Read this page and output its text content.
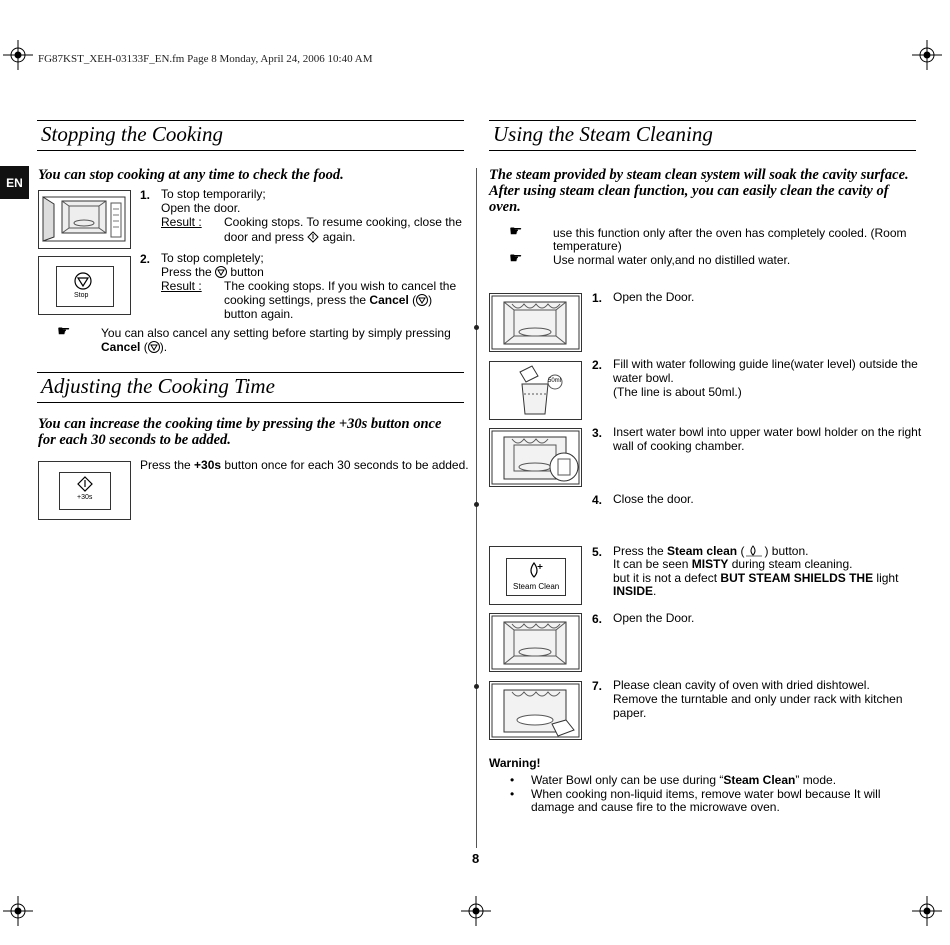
FG87KST_XEH-03133F_EN.fm Page 8 Monday, April 24, 2006 10:40 AM
EN
Stopping the Cooking
You can stop cooking at any time to check the food.
1. To stop temporarily;
Open the door.
Result : Cooking stops. To resume cooking, close the
door and press again.
Stop
2. To stop completely;
Press the button
Result : The cooking stops. If you wish to cancel the
cooking settings, press the Cancel ( )
button again.
☛	You can also cancel any setting before starting by simply pressing
Cancel ( ).
Adjusting the Cooking Time
You can increase the cooking time by pressing the +30s button once
for each 30 seconds to be added.
+30s
Press the +30s button once for each 30 seconds to be added.
Using the Steam Cleaning
The steam provided by steam clean system will soak the cavity surface.
After using steam clean function, you can easily clean the cavity of
oven.
☛	use this function only after the oven has completely cooled. (Room
temperature)
☛	Use normal water only,and no distilled water.
1. Open the Door.
50ml
2. Fill with water following guide line(water level) outside the
water bowl.
(The line is about 50ml.)
3. Insert water bowl into upper water bowl holder on the right
wall of cooking chamber.
4. Close the door.
Steam Clean
5. Press the Steam clean ( ) button.
It can be seen MISTY during steam cleaning.
but it is not a defect BUT STEAM SHIELDS THE light
INSIDE.
6. Open the Door.
7. Please clean cavity of oven with dried dishtowel.
Remove the turntable and only under rack with kitchen
paper.
Warning!
• Water Bowl only can be use during “Steam Clean” mode.
• When cooking non-liquid items, remove water bowl because It will
damage and cause fire to the microwave oven.
8
